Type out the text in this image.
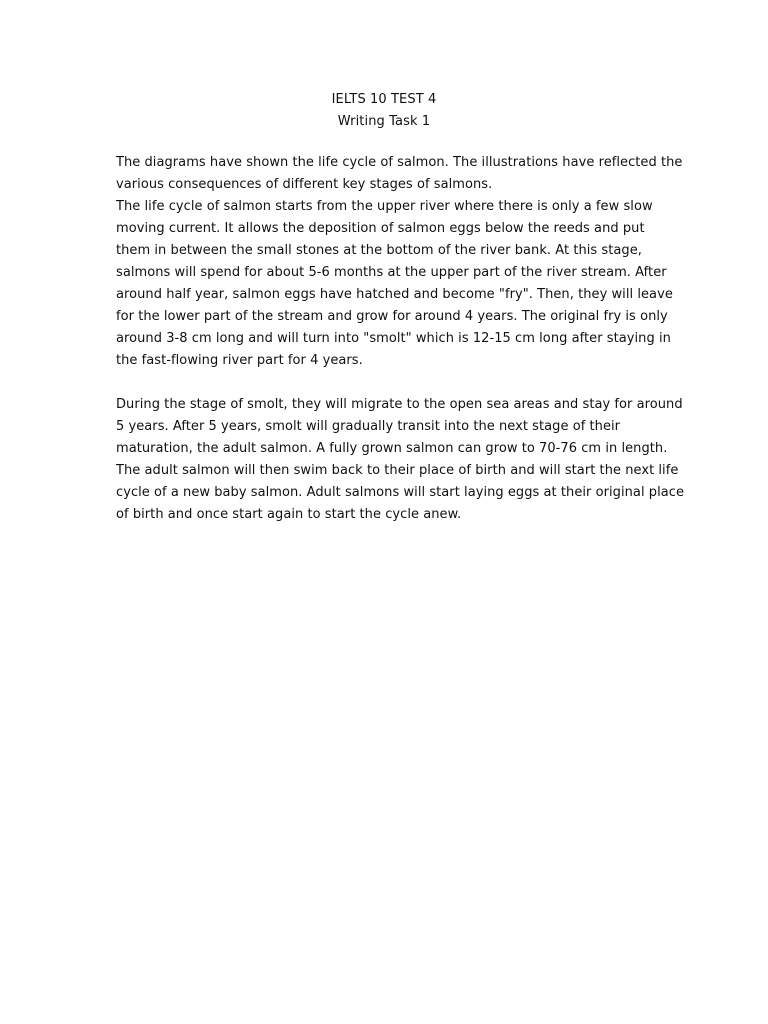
IELTS 10 TEST 4
Writing Task 1
The diagrams have shown the life cycle of salmon. The illustrations have reflected the
various consequences of different key stages of salmons.
The life cycle of salmon starts from the upper river where there is only a few slow
moving current. It allows the deposition of salmon eggs below the reeds and put
them in between the small stones at the bottom of the river bank. At this stage,
salmons will spend for about 5-6 months at the upper part of the river stream. After
around half year, salmon eggs have hatched and become "fry". Then, they will leave
for the lower part of the stream and grow for around 4 years. The original fry is only
around 3-8 cm long and will turn into "smolt" which is 12-15 cm long after staying in
the fast-flowing river part for 4 years.
During the stage of smolt, they will migrate to the open sea areas and stay for around
5 years. After 5 years, smolt will gradually transit into the next stage of their
maturation, the adult salmon. A fully grown salmon can grow to 70-76 cm in length.
The adult salmon will then swim back to their place of birth and will start the next life
cycle of a new baby salmon. Adult salmons will start laying eggs at their original place
of birth and once start again to start the cycle anew.
